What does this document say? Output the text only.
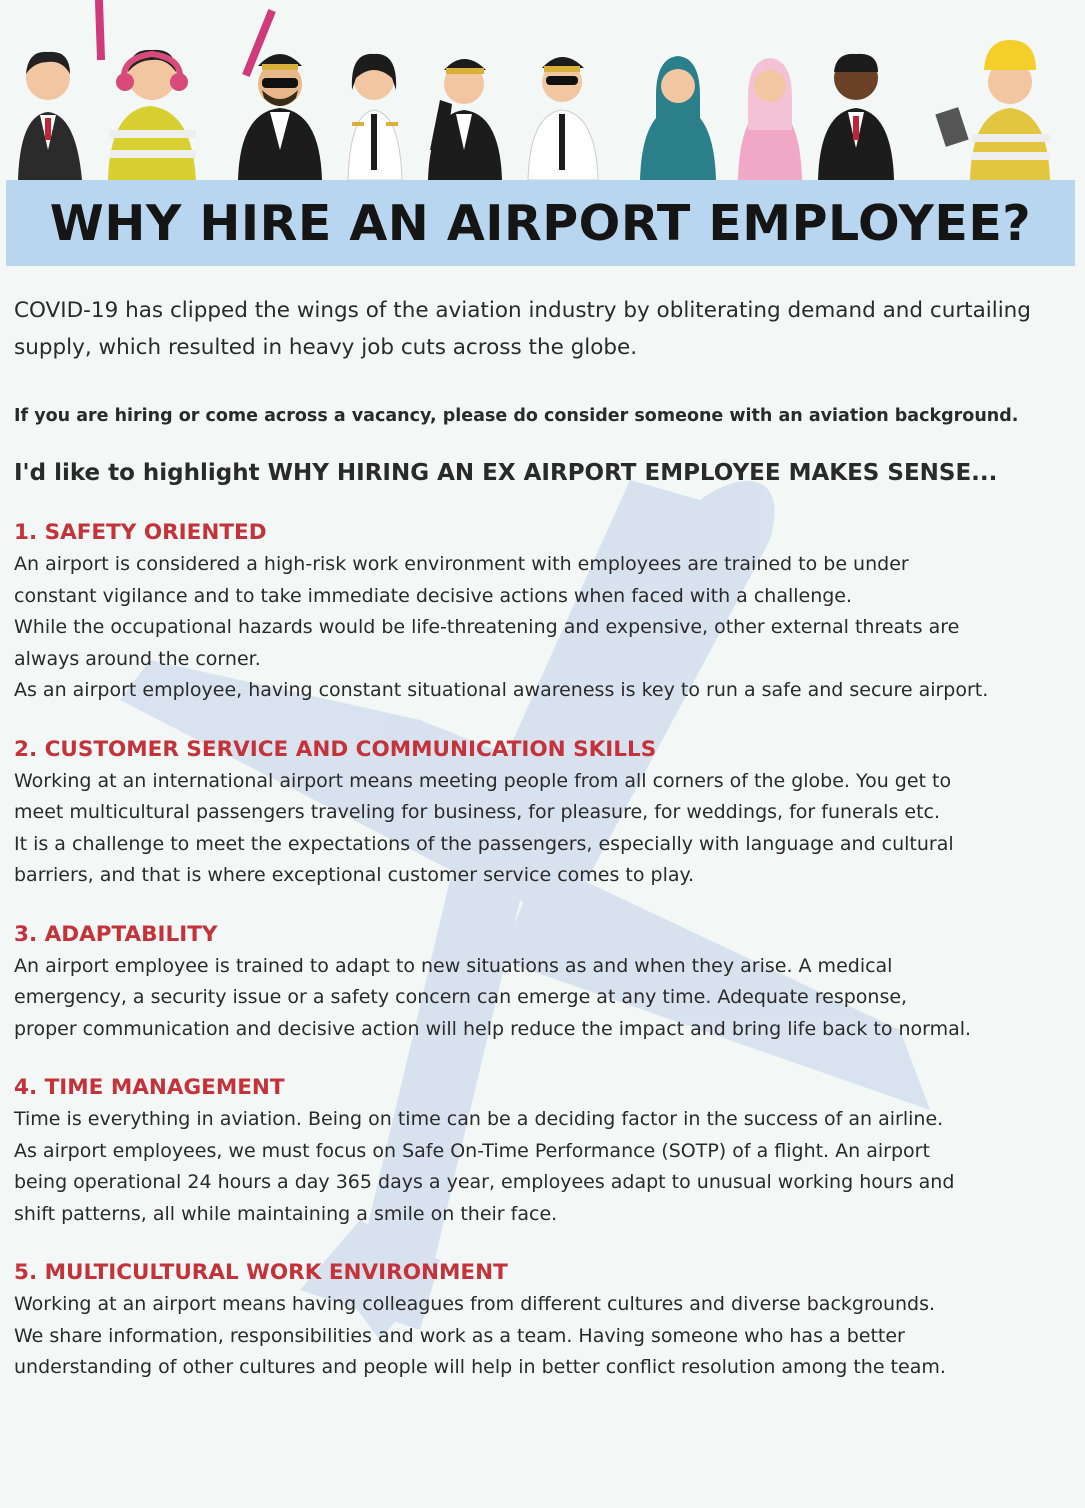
WHY HIRE AN AIRPORT EMPLOYEE?

COVID-19 has clipped the wings of the aviation industry by obliterating demand and curtailing supply, which resulted in heavy job cuts across the globe.

If you are hiring or come across a vacancy, please do consider someone with an aviation background.

I'd like to highlight WHY HIRING AN EX AIRPORT EMPLOYEE MAKES SENSE...

1. SAFETY ORIENTED

An airport is considered a high-risk work environment with employees are trained to be under
constant vigilance and to take immediate decisive actions when faced with a challenge.
While the occupational hazards would be life-threatening and expensive, other external threats are
always around the corner.
As an airport employee, having constant situational awareness is key to run a safe and secure airport.

2. CUSTOMER SERVICE AND COMMUNICATION SKILLS

Working at an international airport means meeting people from all corners of the globe. You get to
meet multicultural passengers traveling for business, for pleasure, for weddings, for funerals etc.
It is a challenge to meet the expectations of the passengers, especially with language and cultural
barriers, and that is where exceptional customer service comes to play.

3. ADAPTABILITY

An airport employee is trained to adapt to new situations as and when they arise. A medical
emergency, a security issue or a safety concern can emerge at any time. Adequate response,
proper communication and decisive action will help reduce the impact and bring life back to normal.

4. TIME MANAGEMENT

Time is everything in aviation. Being on time can be a deciding factor in the success of an airline.
As airport employees, we must focus on Safe On-Time Performance (SOTP) of a flight. An airport
being operational 24 hours a day 365 days a year, employees adapt to unusual working hours and
shift patterns, all while maintaining a smile on their face.

5. MULTICULTURAL WORK ENVIRONMENT

Working at an airport means having colleagues from different cultures and diverse backgrounds.
We share information, responsibilities and work as a team. Having someone who has a better
understanding of other cultures and people will help in better conflict resolution among the team.
